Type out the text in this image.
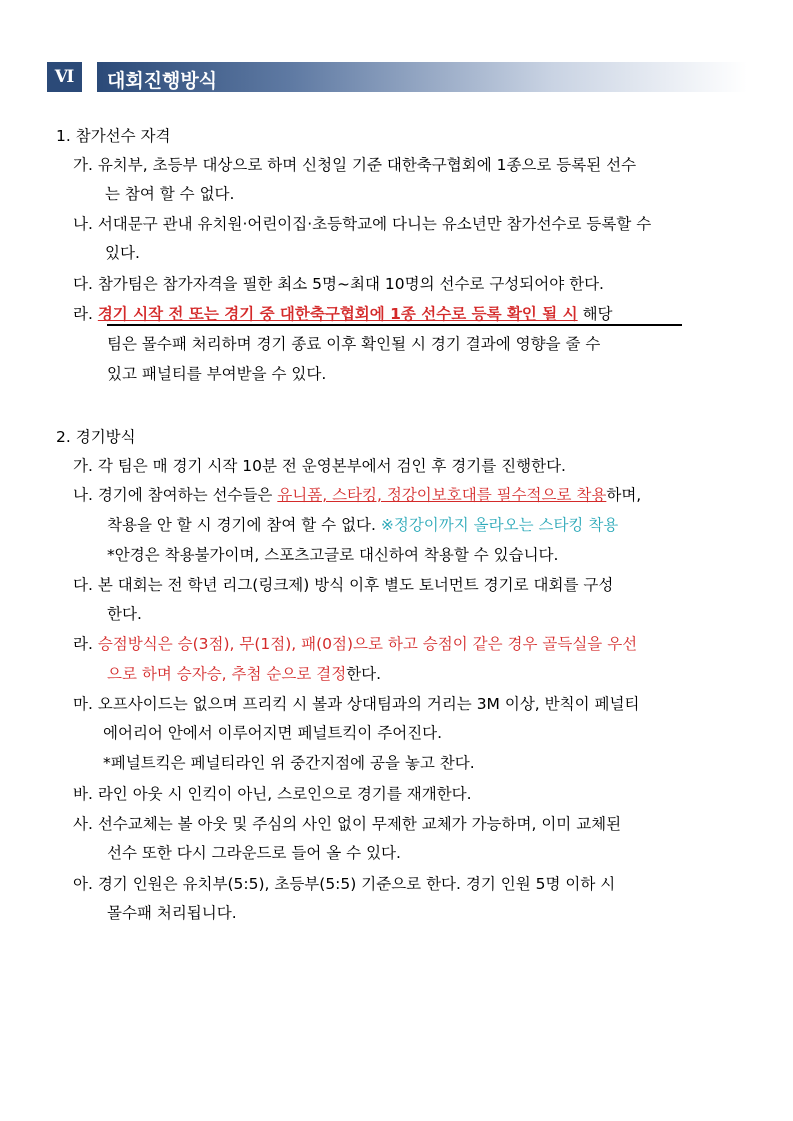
Ⅵ	대회진행방식
1. 참가선수 자격
가. 유치부, 초등부 대상으로 하며 신청일 기준 대한축구협회에 1종으로 등록된 선수
는 참여 할 수 없다.
나. 서대문구 관내 유치원·어린이집·초등학교에 다니는 유소년만 참가선수로 등록할 수
있다.
다. 참가팀은 참가자격을 필한 최소 5명~최대 10명의 선수로 구성되어야 한다.
라. 경기 시작 전 또는 경기 중 대한축구협회에 1종 선수로 등록 확인 될 시 해당
팀은 몰수패 처리하며 경기 종료 이후 확인될 시 경기 결과에 영향을 줄 수
있고 패널티를 부여받을 수 있다.
2. 경기방식
가. 각 팀은 매 경기 시작 10분 전 운영본부에서 검인 후 경기를 진행한다.
나. 경기에 참여하는 선수들은 유니폼, 스타킹, 정강이보호대를 필수적으로 착용하며,
착용을 안 할 시 경기에 참여 할 수 없다. ※정강이까지 올라오는 스타킹 착용
*안경은 착용불가이며, 스포츠고글로 대신하여 착용할 수 있습니다.
다. 본 대회는 전 학년 리그(링크제) 방식 이후 별도 토너먼트 경기로 대회를 구성
한다.
라. 승점방식은 승(3점), 무(1점), 패(0점)으로 하고 승점이 같은 경우 골득실을 우선
으로 하며 승자승, 추첨 순으로 결정한다.
마. 오프사이드는 없으며 프리킥 시 볼과 상대팀과의 거리는 3M 이상, 반칙이 페널티
에어리어 안에서 이루어지면 페널트킥이 주어진다.
*페널트킥은 페널티라인 위 중간지점에 공을 놓고 찬다.
바. 라인 아웃 시 인킥이 아닌, 스로인으로 경기를 재개한다.
사. 선수교체는 볼 아웃 및 주심의 사인 없이 무제한 교체가 가능하며, 이미 교체된
선수 또한 다시 그라운드로 들어 올 수 있다.
아. 경기 인원은 유치부(5:5), 초등부(5:5) 기준으로 한다. 경기 인원 5명 이하 시
몰수패 처리됩니다.
